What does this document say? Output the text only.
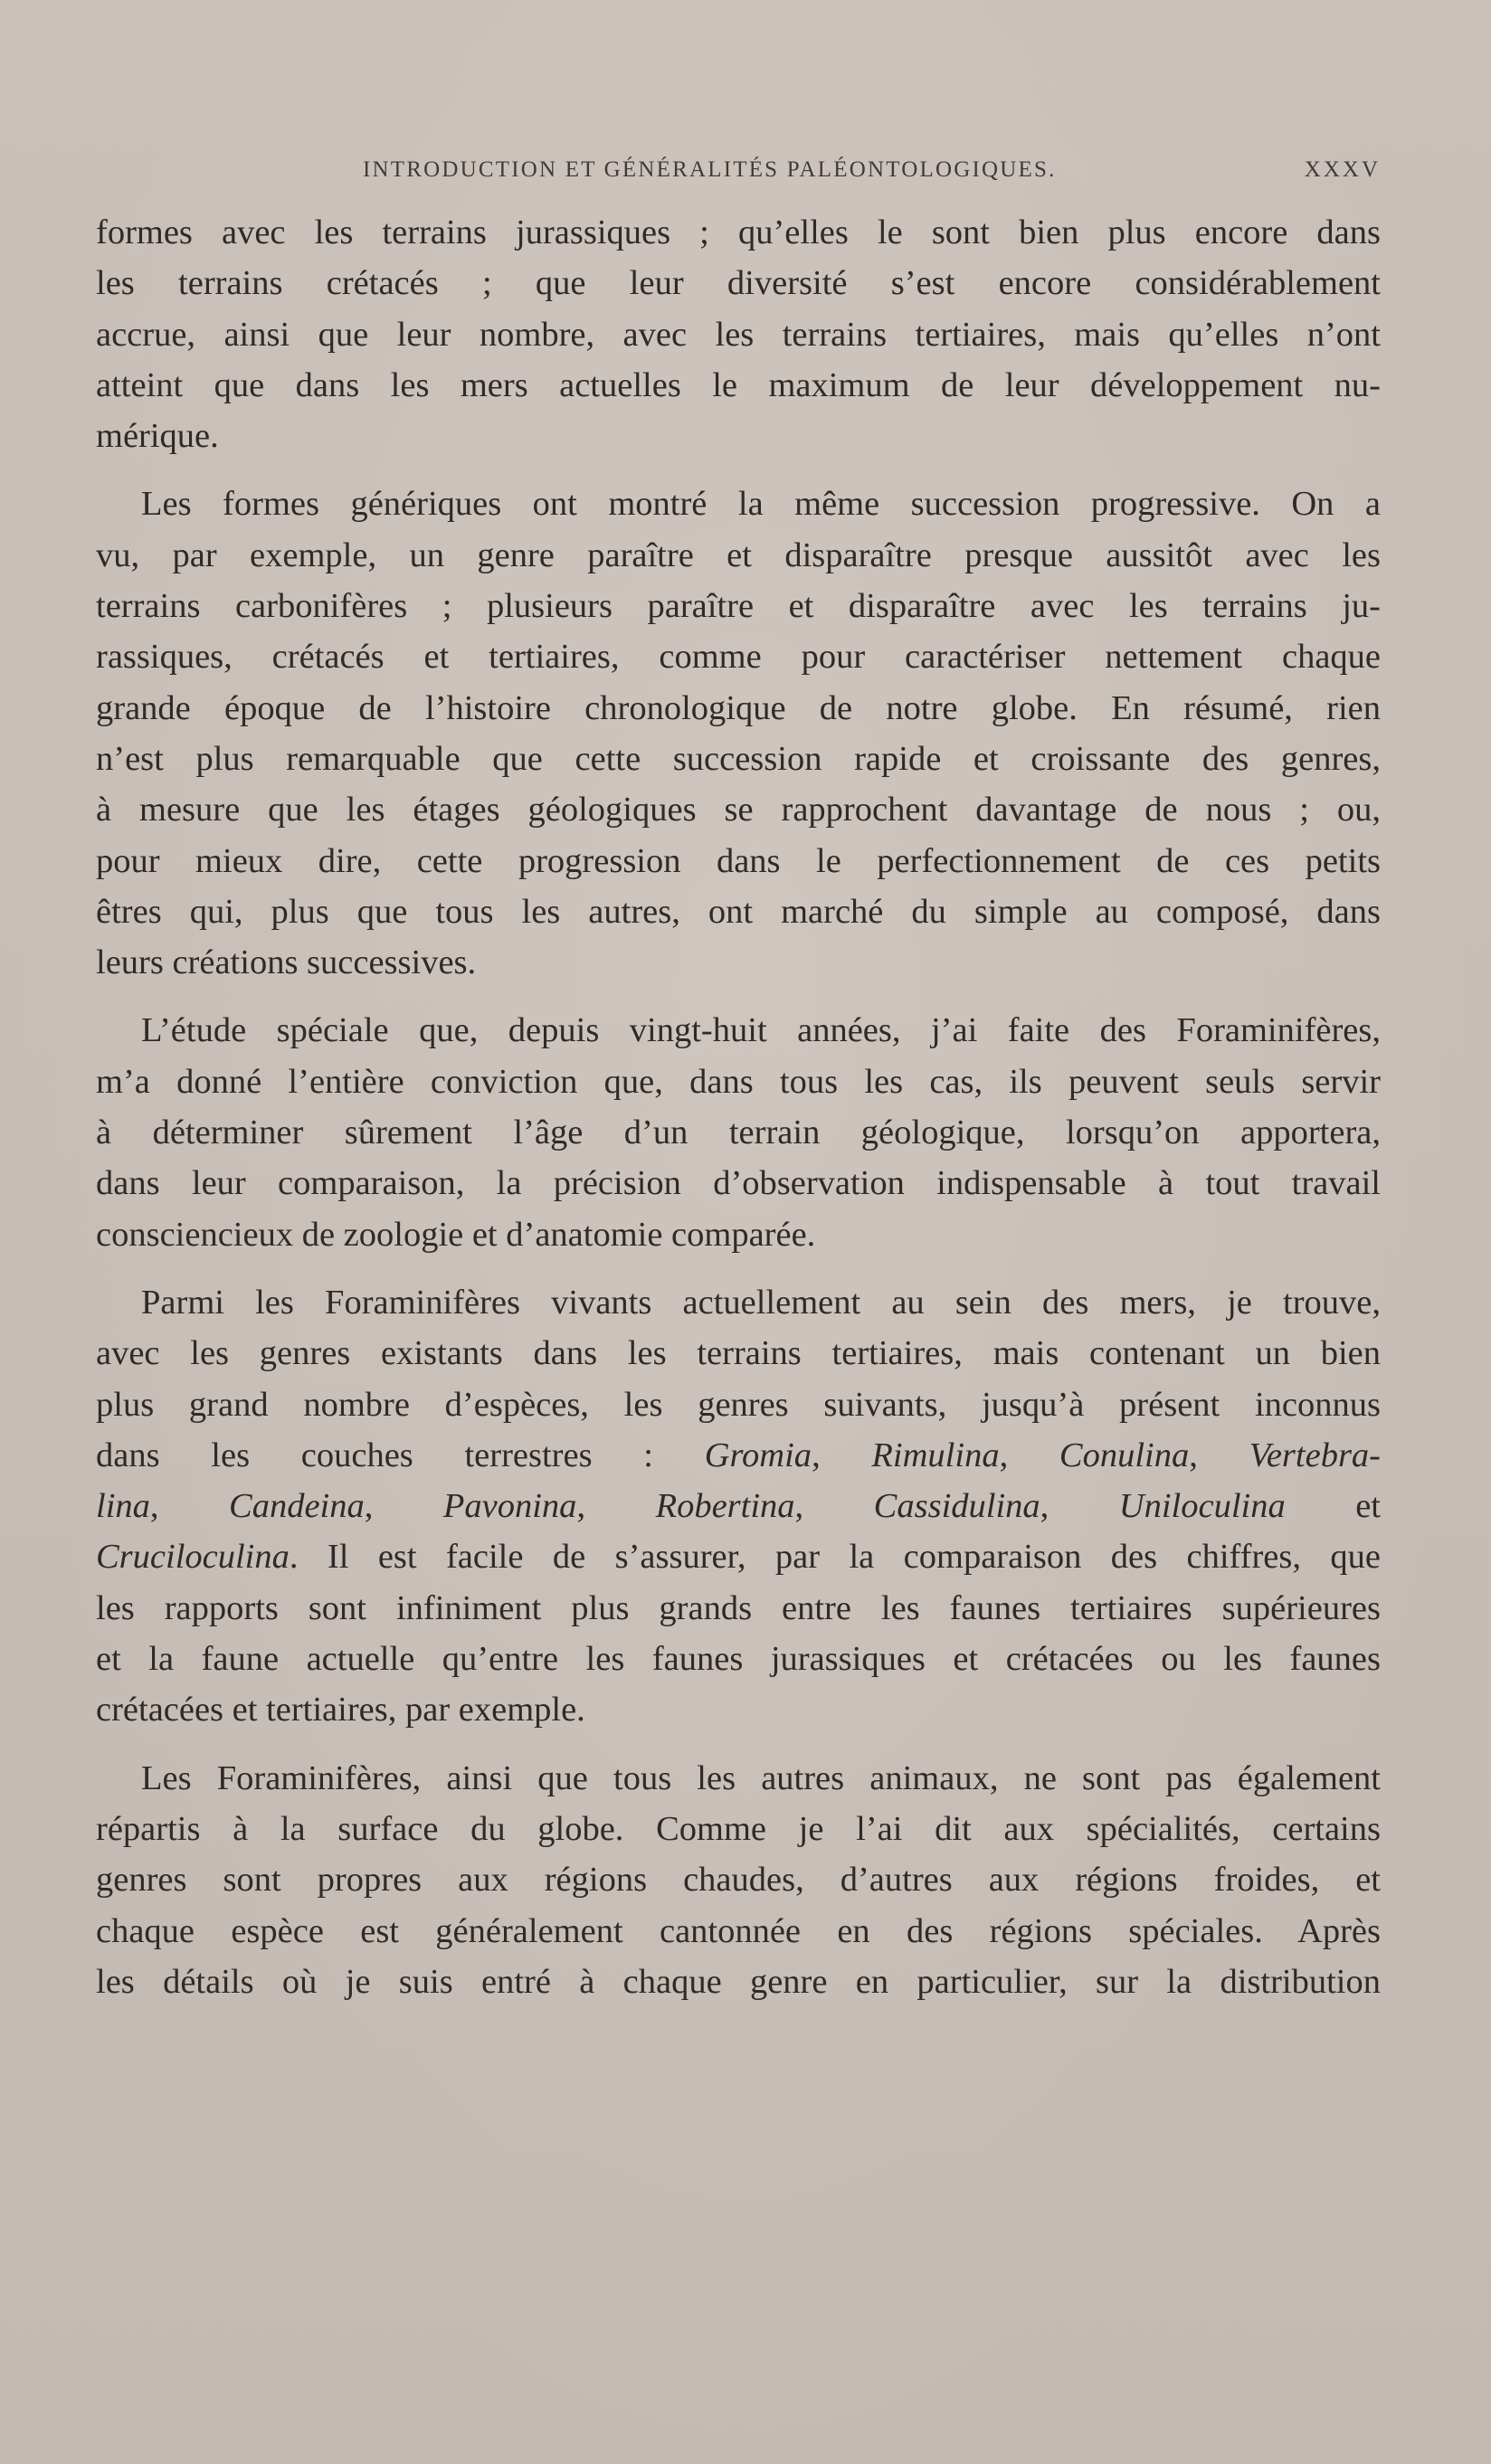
INTRODUCTION ET GÉNÉRALITÉS PALÉONTOLOGIQUES.	XXXV

formes avec les terrains jurassiques ; qu’elles le sont bien plus encore dans
les terrains crétacés ; que leur diversité s’est encore considérablement
accrue, ainsi que leur nombre, avec les terrains tertiaires, mais qu’elles n’ont
atteint que dans les mers actuelles le maximum de leur développement nu-
mérique.

Les formes génériques ont montré la même succession progressive. On a
vu, par exemple, un genre paraître et disparaître presque aussitôt avec les
terrains carbonifères ; plusieurs paraître et disparaître avec les terrains ju-
rassiques, crétacés et tertiaires, comme pour caractériser nettement chaque
grande époque de l’histoire chronologique de notre globe. En résumé, rien
n’est plus remarquable que cette succession rapide et croissante des genres,
à mesure que les étages géologiques se rapprochent davantage de nous ; ou,
pour mieux dire, cette progression dans le perfectionnement de ces petits
êtres qui, plus que tous les autres, ont marché du simple au composé, dans
leurs créations successives.

L’étude spéciale que, depuis vingt-huit années, j’ai faite des Foraminifères,
m’a donné l’entière conviction que, dans tous les cas, ils peuvent seuls servir
à déterminer sûrement l’âge d’un terrain géologique, lorsqu’on apportera,
dans leur comparaison, la précision d’observation indispensable à tout travail
consciencieux de zoologie et d’anatomie comparée.

Parmi les Foraminifères vivants actuellement au sein des mers, je trouve,
avec les genres existants dans les terrains tertiaires, mais contenant un bien
plus grand nombre d’espèces, les genres suivants, jusqu’à présent inconnus
dans les couches terrestres : Gromia, Rimulina, Conulina, Vertebra-
lina, Candeina, Pavonina, Robertina, Cassidulina, Uniloculina et
Cruciloculina. Il est facile de s’assurer, par la comparaison des chiffres, que
les rapports sont infiniment plus grands entre les faunes tertiaires supérieures
et la faune actuelle qu’entre les faunes jurassiques et crétacées ou les faunes
crétacées et tertiaires, par exemple.

Les Foraminifères, ainsi que tous les autres animaux, ne sont pas également
répartis à la surface du globe. Comme je l’ai dit aux spécialités, certains
genres sont propres aux régions chaudes, d’autres aux régions froides, et
chaque espèce est généralement cantonnée en des régions spéciales. Après
les détails où je suis entré à chaque genre en particulier, sur la distribution
